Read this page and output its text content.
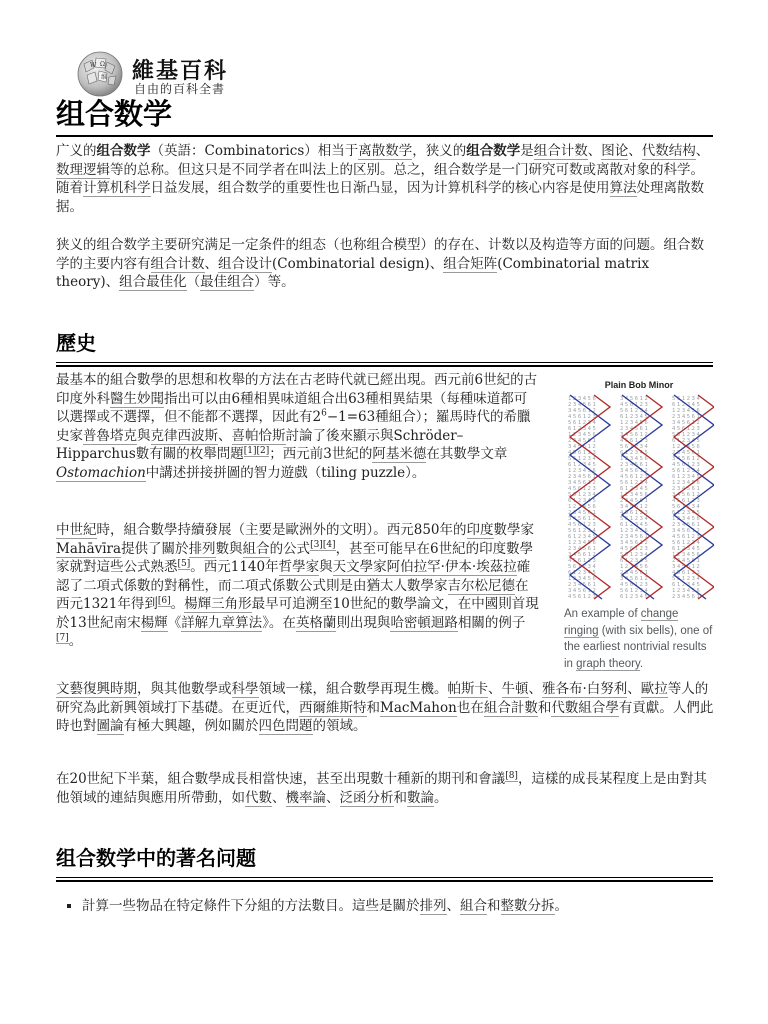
W Ω
维 維基百科
自由的百科全書
组合数学

广义的组合数学（英語：Combinatorics）相当于离散数学，狭义的组合数学是组合计数、图论、代数结构、数理逻辑等的总称。但这只是不同学者在叫法上的区别。总之，组合数学是一门研究可数或离散对象的科学。随着计算机科学日益发展，组合数学的重要性也日渐凸显，因为计算机科学的核心内容是使用算法处理离散数据。

狭义的组合数学主要研究满足一定条件的组态（也称组合模型）的存在、计数以及构造等方面的问题。组合数学的主要内容有组合计数、组合设计(Combinatorial design)、组合矩阵(Combinatorial matrix theory)、组合最佳化（最佳组合）等。

歷史

最基本的組合數學的思想和枚舉的方法在古老時代就已經出現。西元前6世紀的古印度外科醫生妙聞指出可以由6種相異味道組合出63種相異結果（每種味道都可以選擇或不選擇，但不能都不選擇，因此有$2^6-1=63$種組合）；羅馬時代的希臘史家普魯塔克與克律西波斯、喜帕恰斯討論了後來顯示與Schröder–Hipparchus數有關的枚舉問題[1][2]；西元前3世紀的阿基米德在其數學文章Ostomachion中講述拼接拼圖的智力遊戲（tiling puzzle）。

中世紀時，組合數學持續發展（主要是歐洲外的文明）。西元850年的印度數學家Mahāvīra提供了關於排列數與組合的公式[3][4]，甚至可能早在6世紀的印度數學家就對這些公式熟悉[5]。西元1140年哲學家與天文學家阿伯拉罕·伊本·埃茲拉確認了二項式係數的對稱性，而二項式係數公式則是由猶太人數學家吉尔松尼德在西元1321年得到[6]。楊輝三角形最早可追溯至10世紀的數學論文，在中國則首現於13世紀南宋楊輝《詳解九章算法》。在英格蘭則出現與哈密頓迴路相關的例子[7]。

文藝復興時期，與其他數學或科學領域一樣，組合數學再現生機。帕斯卡、牛頓、雅各布·白努利、歐拉等人的研究為此新興領域打下基礎。在更近代，西爾維斯特和MacMahon也在組合計數和代數組合學有貢獻。人們此時也對圖論有極大興趣，例如關於四色問題的領域。

在20世紀下半葉，組合數學成長相當快速，甚至出現數十種新的期刊和會議[8]，這樣的成長某程度上是由對其他領域的連結與應用所帶動，如代數、機率論、泛函分析和數論。

Plain Bob Minor
123456
234561
345612
456123
561234
612345
123456
234561
345612
456123
561234
612345
123456
234561
345612
456123
561234
612345
123456
234561
345612
456123
561234
612345
123456
234561
345612
456123
561234
612345
123456
234561
345612
456123
345612
456123
561234
612345
123456
234561
345612
456123
561234
612345
123456
234561
345612
456123
561234
612345
123456
234561
345612
456123
561234
612345
123456
234561
345612
456123
561234
612345
123456
234561
345612
456123
561234
612345
561234
612345
123456
234561
345612
456123
561234
612345
123456
234561
345612
456123
561234
612345
123456
234561
345612
456123
561234
612345
123456
234561
345612
456123
561234
612345
123456
234561
345612
456123
561234
612345
123456
234561
An example of change ringing (with six bells), one of the earliest nontrivial results in graph theory.
组合数学中的著名问题
▪ 計算一些物品在特定條件下分組的方法數目。這些是關於排列、組合和整數分拆。
